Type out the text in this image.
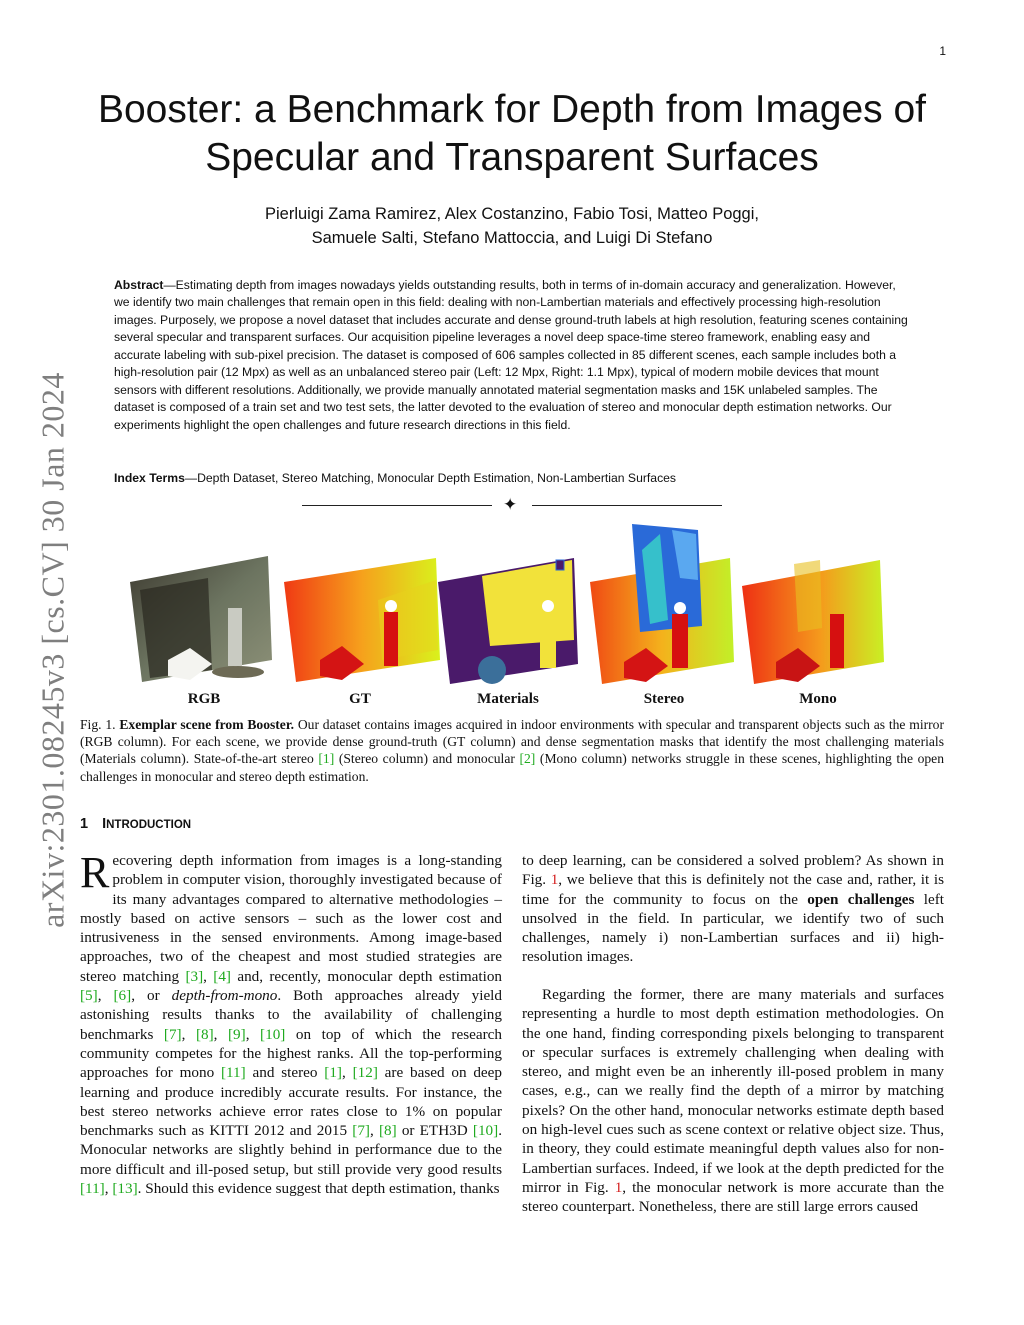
1
arXiv:2301.08245v3 [cs.CV] 30 Jan 2024
Booster: a Benchmark for Depth from Images of
Specular and Transparent Surfaces
Pierluigi Zama Ramirez, Alex Costanzino, Fabio Tosi, Matteo Poggi,
Samuele Salti, Stefano Mattoccia, and Luigi Di Stefano

Abstract—Estimating depth from images nowadays yields outstanding results, both in terms of in-domain accuracy and generalization. However, we identify two main challenges that remain open in this field: dealing with non-Lambertian materials and effectively processing high-resolution images. Purposely, we propose a novel dataset that includes accurate and dense ground-truth labels at high resolution, featuring scenes containing several specular and transparent surfaces. Our acquisition pipeline leverages a novel deep space-time stereo framework, enabling easy and accurate labeling with sub-pixel precision. The dataset is composed of 606 samples collected in 85 different scenes, each sample includes both a high-resolution pair (12 Mpx) as well as an unbalanced stereo pair (Left: 12 Mpx, Right: 1.1 Mpx), typical of modern mobile devices that mount sensors with different resolutions. Additionally, we provide manually annotated material segmentation masks and 15K unlabeled samples. The dataset is composed of a train set and two test sets, the latter devoted to the evaluation of stereo and monocular depth estimation networks. Our experiments highlight the open challenges and future research directions in this field.

Index Terms—Depth Dataset, Stereo Matching, Monocular Depth Estimation, Non-Lambertian Surfaces

✦
RGB	GT	Materials	Stereo	Mono

Fig. 1. Exemplar scene from Booster. Our dataset contains images acquired in indoor environments with specular and transparent objects such as the mirror (RGB column). For each scene, we provide dense ground-truth (GT column) and dense segmentation masks that identify the most challenging materials (Materials column). State-of-the-art stereo [1] (Stereo column) and monocular [2] (Mono column) networks struggle in these scenes, highlighting the open challenges in monocular and stereo depth estimation.

1 INTRODUCTION

Recovering depth information from images is a long-standing problem in computer vision, thoroughly investigated because of its many advantages compared to alternative methodologies – mostly based on active sensors – such as the lower cost and intrusiveness in the sensed environments. Among image-based approaches, two of the cheapest and most studied strategies are stereo matching [3], [4] and, recently, monocular depth estimation [5], [6], or depth-from-mono. Both approaches already yield astonishing results thanks to the availability of challenging benchmarks [7], [8], [9], [10] on top of which the research community competes for the highest ranks. All the top-performing approaches for mono [11] and stereo [1], [12] are based on deep learning and produce incredibly accurate results. For instance, the best stereo networks achieve error rates close to 1% on popular benchmarks such as KITTI 2012 and 2015 [7], [8] or ETH3D [10]. Monocular networks are slightly behind in performance due to the more difficult and ill-posed setup, but still provide very good results [11], [13]. Should this evidence suggest that depth estimation, thanks

to deep learning, can be considered a solved problem? As shown in Fig. 1, we believe that this is definitely not the case and, rather, it is time for the community to focus on the open challenges left unsolved in the field. In particular, we identify two of such challenges, namely i) non-Lambertian surfaces and ii) high-resolution images.

Regarding the former, there are many materials and surfaces representing a hurdle to most depth estimation methodologies. On the one hand, finding corresponding pixels belonging to transparent or specular surfaces is extremely challenging when dealing with stereo, and might even be an inherently ill-posed problem in many cases, e.g., can we really find the depth of a mirror by matching pixels? On the other hand, monocular networks estimate depth based on high-level cues such as scene context or relative object size. Thus, in theory, they could estimate meaningful depth values also for non-Lambertian surfaces. Indeed, if we look at the depth predicted for the mirror in Fig. 1, the monocular network is more accurate than the stereo counterpart. Nonetheless, there are still large errors caused
